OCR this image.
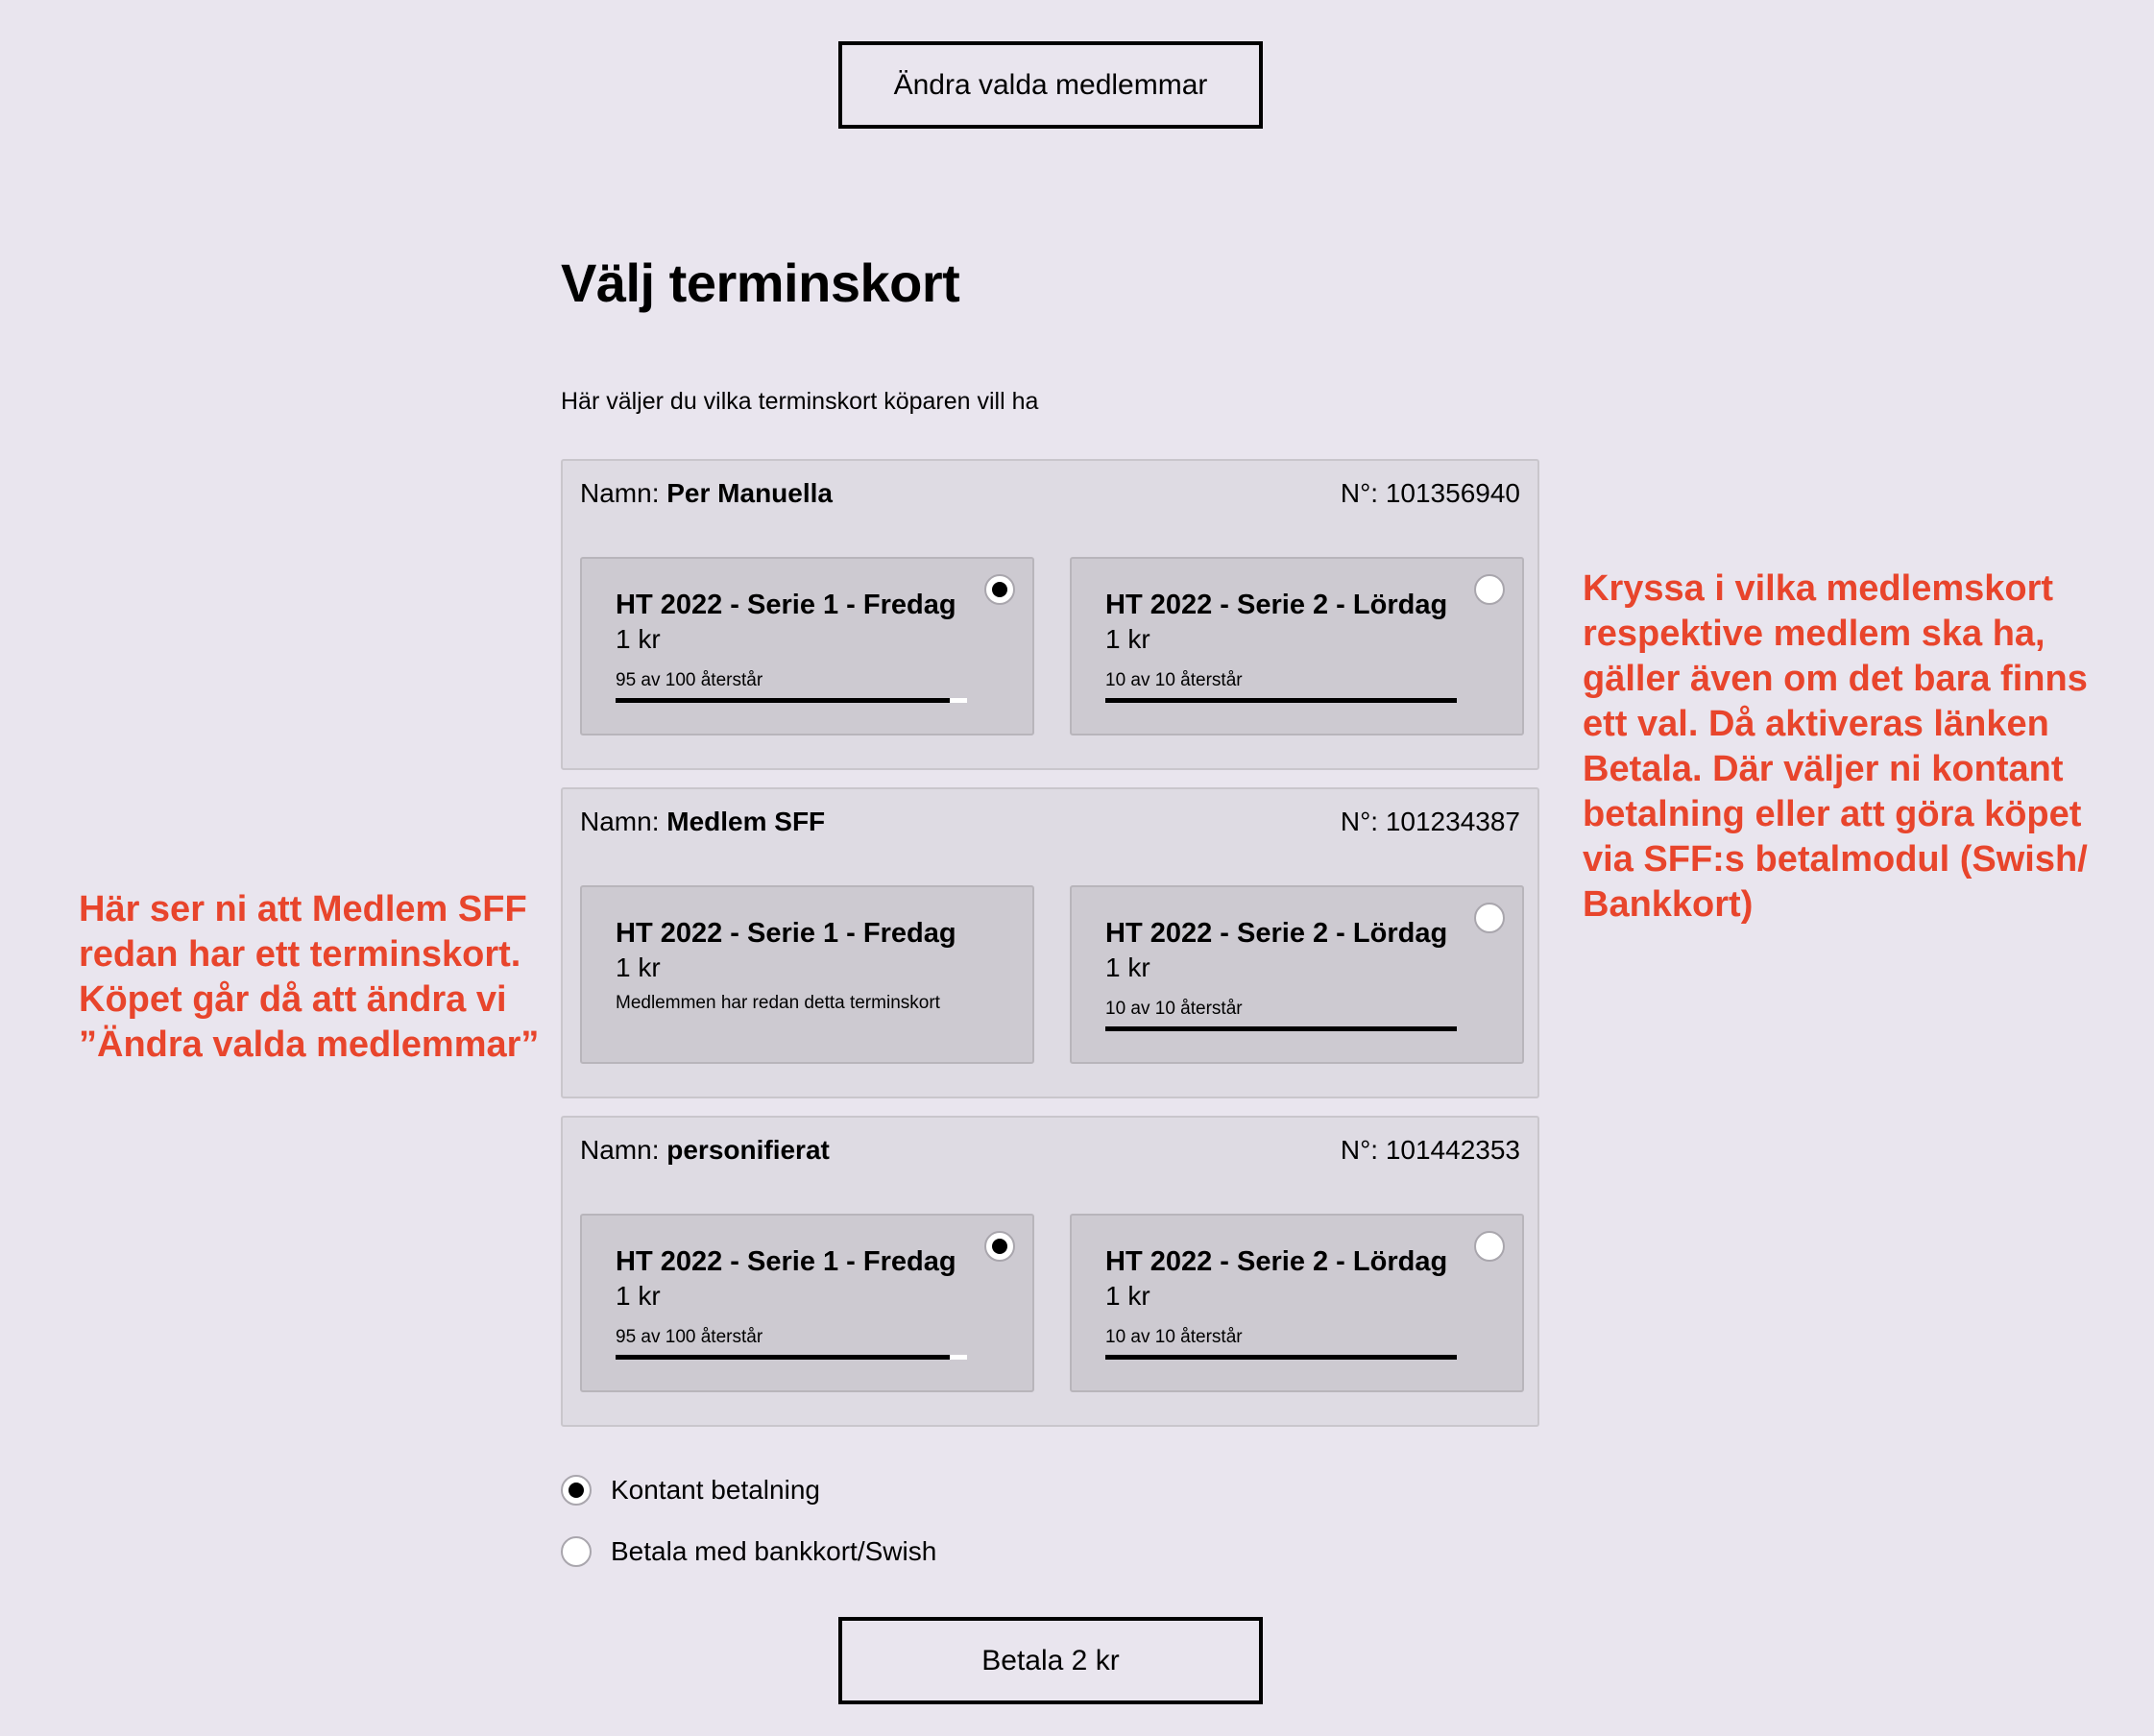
Ändra valda medlemmar
Välj terminskort
Här väljer du vilka terminskort köparen vill ha
Namn: Per Manuella	N°: 101356940
HT 2022 - Serie 1 - Fredag
1 kr
95 av 100 återstår
HT 2022 - Serie 2 - Lördag
1 kr
10 av 10 återstår
Namn: Medlem SFF	N°: 101234387
HT 2022 - Serie 1 - Fredag
1 kr
Medlemmen har redan detta terminskort
HT 2022 - Serie 2 - Lördag
1 kr
10 av 10 återstår
Namn: personifierat	N°: 101442353
HT 2022 - Serie 1 - Fredag
1 kr
95 av 100 återstår
HT 2022 - Serie 2 - Lördag
1 kr
10 av 10 återstår
Kontant betalning
Betala med bankkort/Swish
Betala 2 kr

Här ser ni att Medlem SFF redan har ett terminskort. Köpet går då att ändra vi ”Ändra valda medlemmar”

Kryssa i vilka medlemskort respektive medlem ska ha, gäller även om det bara finns ett val. Då aktiveras länken Betala. Där väljer ni kontant betalning eller att göra köpet via SFF:s betalmodul (Swish/ Bankkort)
